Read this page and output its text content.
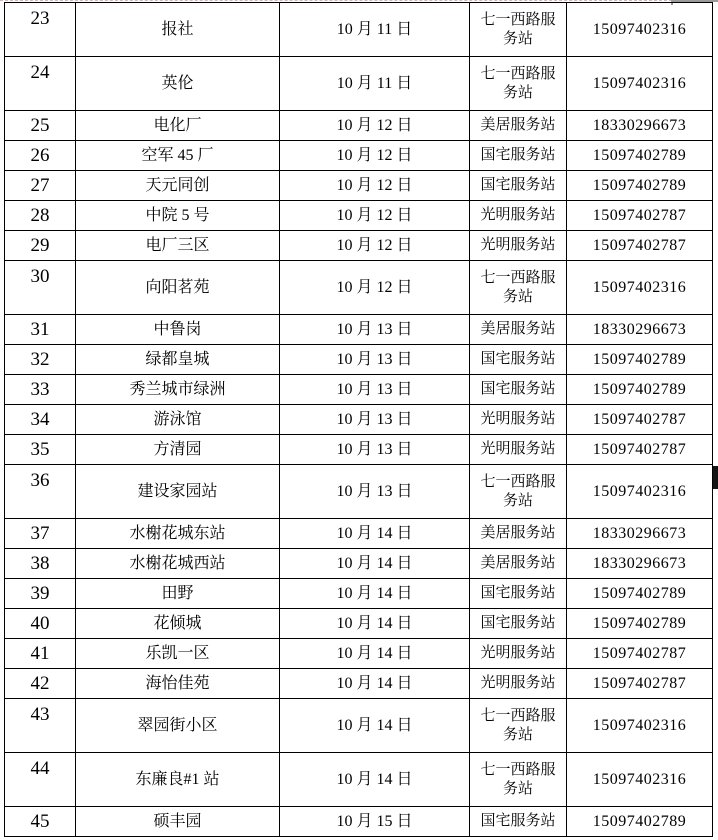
23	报社	10 月 11 日	七一西路服务站	15097402316
24	英伦	10 月 11 日	七一西路服务站	15097402316
25	电化厂	10 月 12 日	美居服务站	18330296673
26	空军 45 厂	10 月 12 日	国宅服务站	15097402789
27	天元同创	10 月 12 日	国宅服务站	15097402789
28	中院 5 号	10 月 12 日	光明服务站	15097402787
29	电厂三区	10 月 12 日	光明服务站	15097402787
30	向阳茗苑	10 月 12 日	七一西路服务站	15097402316
31	中鲁岗	10 月 13 日	美居服务站	18330296673
32	绿都皇城	10 月 13 日	国宅服务站	15097402789
33	秀兰城市绿洲	10 月 13 日	国宅服务站	15097402789
34	游泳馆	10 月 13 日	光明服务站	15097402787
35	方清园	10 月 13 日	光明服务站	15097402787
36	建设家园站	10 月 13 日	七一西路服务站	15097402316
37	水榭花城东站	10 月 14 日	美居服务站	18330296673
38	水榭花城西站	10 月 14 日	美居服务站	18330296673
39	田野	10 月 14 日	国宅服务站	15097402789
40	花倾城	10 月 14 日	国宅服务站	15097402789
41	乐凯一区	10 月 14 日	光明服务站	15097402787
42	海怡佳苑	10 月 14 日	光明服务站	15097402787
43	翠园街小区	10 月 14 日	七一西路服务站	15097402316
44	东廉良#1 站	10 月 14 日	七一西路服务站	15097402316
45	硕丰园	10 月 15 日	国宅服务站	15097402789
